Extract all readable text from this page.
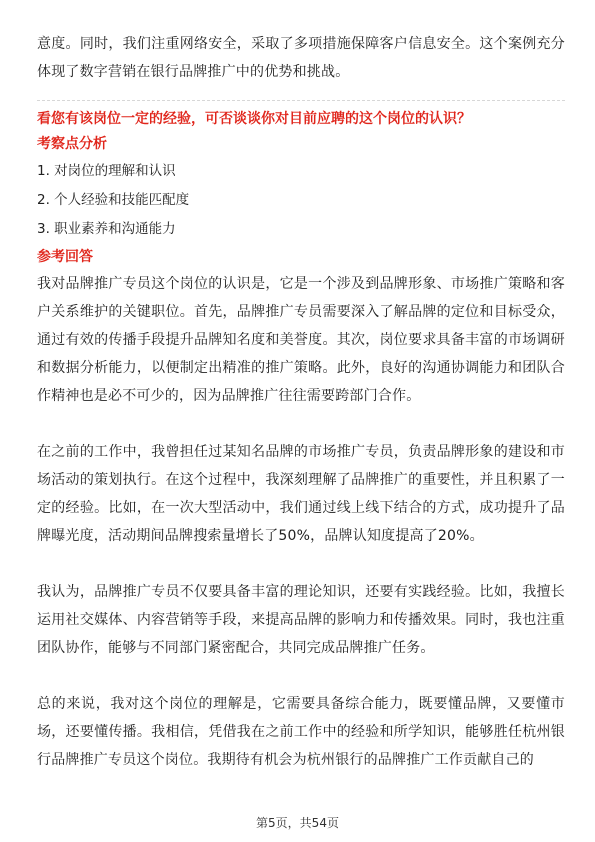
意度。同时，我们注重网络安全，采取了多项措施保障客户信息安全。这个案例充分体现了数字营销在银行品牌推广中的优势和挑战。

看您有该岗位一定的经验，可否谈谈你对目前应聘的这个岗位的认识？

考察点分析

1. 对岗位的理解和认识

2. 个人经验和技能匹配度

3. 职业素养和沟通能力

参考回答

我对品牌推广专员这个岗位的认识是，它是一个涉及到品牌形象、市场推广策略和客户关系维护的关键职位。首先，品牌推广专员需要深入了解品牌的定位和目标受众，通过有效的传播手段提升品牌知名度和美誉度。其次，岗位要求具备丰富的市场调研和数据分析能力，以便制定出精准的推广策略。此外，良好的沟通协调能力和团队合作精神也是必不可少的，因为品牌推广往往需要跨部门合作。

在之前的工作中，我曾担任过某知名品牌的市场推广专员，负责品牌形象的建设和市场活动的策划执行。在这个过程中，我深刻理解了品牌推广的重要性，并且积累了一定的经验。比如，在一次大型活动中，我们通过线上线下结合的方式，成功提升了品牌曝光度，活动期间品牌搜索量增长了50%，品牌认知度提高了20%。

我认为，品牌推广专员不仅要具备丰富的理论知识，还要有实践经验。比如，我擅长运用社交媒体、内容营销等手段，来提高品牌的影响力和传播效果。同时，我也注重团队协作，能够与不同部门紧密配合，共同完成品牌推广任务。

总的来说，我对这个岗位的理解是，它需要具备综合能力，既要懂品牌，又要懂市场，还要懂传播。我相信，凭借我在之前工作中的经验和所学知识，能够胜任杭州银行品牌推广专员这个岗位。我期待有机会为杭州银行的品牌推广工作贡献自己的

第5页，共54页
